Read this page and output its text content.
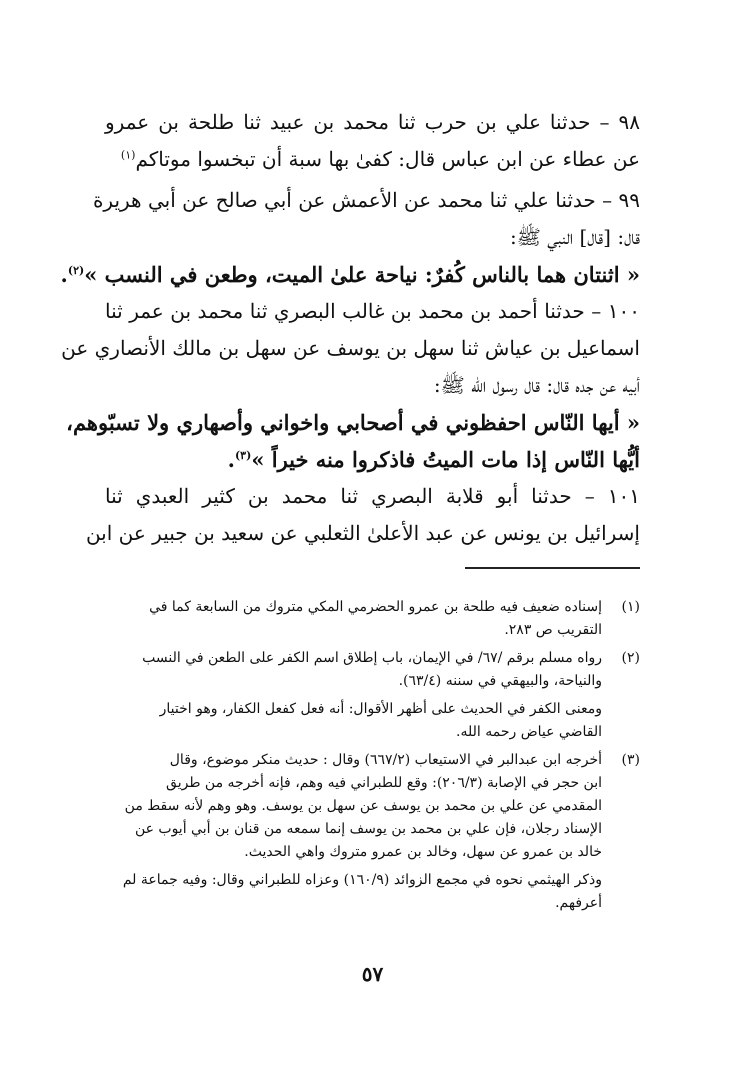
٩٨ – حدثنا علي بن حرب ثنا محمد بن عبيد ثنا طلحة بن عمرو
عن عطاء عن ابن عباس قال: كفىٰ بها سبة أن تبخسوا موتاكم$^{(١)}$
٩٩ – حدثنا علي ثنا محمد عن الأعمش عن أبي صالح عن أبي هريرة
قال: [قال] النبي ﷺ:
« اثنتان هما بالناس كُفرٌ: نياحة علىٰ الميت، وطعن في النسب »$^{(٢)}$.
١٠٠ – حدثنا أحمد بن محمد بن غالب البصري ثنا محمد بن عمر ثنا
اسماعيل بن عياش ثنا سهل بن يوسف عن سهل بن مالك الأنصاري عن
أبيه عن جده قال: قال رسول الله ﷺ:
« أيها النّاس احفظوني في أصحابي واخواني وأصهاري ولا تسبّوهم،
أيُّها النّاس إذا مات الميتُ فاذكروا منه خيراً »$^{(٣)}$.
١٠١ – حدثنا أبو قلابة البصري ثنا محمد بن كثير العبدي ثنا
إسرائيل بن يونس عن عبد الأعلىٰ الثعلبي عن سعيد بن جبير عن ابن
(١)
إسناده ضعيف فيه طلحة بن عمرو الحضرمي المكي متروك من السابعة كما في
التقريب ص ٢٨٣.
(٢)
رواه مسلم برقم /٦٧/ في الإيمان، باب إطلاق اسم الكفر على الطعن في النسب
والنياحة، والبيهقي في سننه (٦٣/٤).
ومعنى الكفر في الحديث على أظهر الأقوال: أنه فعل كفعل الكفار، وهو اختيار
القاضي عياض رحمه الله.
(٣)
أخرجه ابن عبدالبر في الاستيعاب (٦٦٧/٢) وقال : حديث منكر موضوع، وقال
ابن حجر في الإصابة (٢٠٦/٣): وقع للطبراني فيه وهم، فإنه أخرجه من طريق
المقدمي عن علي بن محمد بن يوسف عن سهل بن يوسف. وهو وهم لأنه سقط من
الإسناد رجلان، فإن علي بن محمد بن يوسف إنما سمعه من قنان بن أبي أيوب عن
خالد بن عمرو عن سهل، وخالد بن عمرو متروك واهي الحديث.
وذكر الهيثمي نحوه في مجمع الزوائد (١٦٠/٩) وعزاه للطبراني وقال: وفيه جماعة لم
أعرفهم.
٥٧
